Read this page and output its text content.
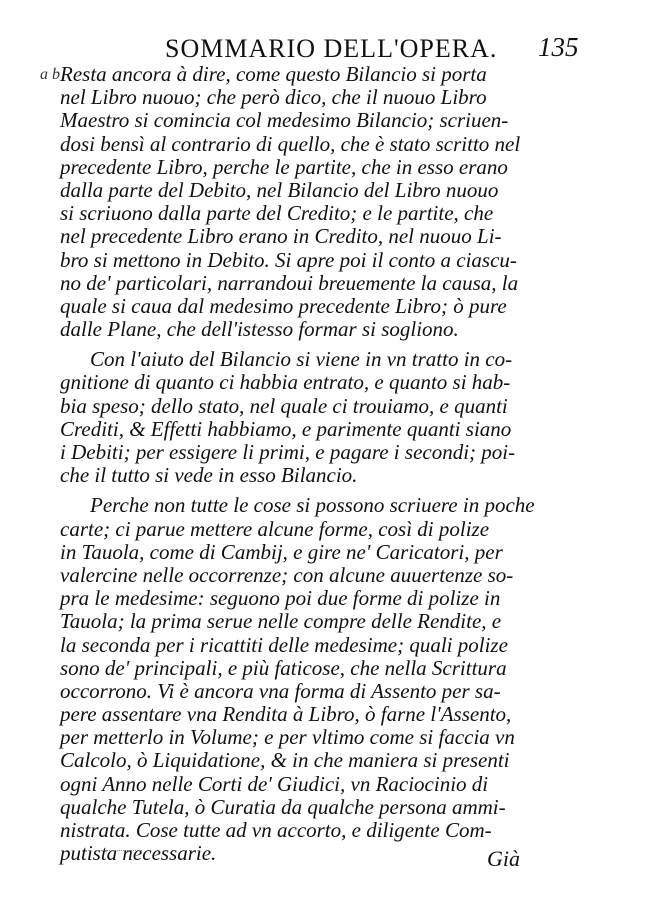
SOMMARIO DELL'OPERA. 135
a b Resta ancora à dire, come questo Bilancio si porta
nel Libro nuouo; che però dico, che il nuouo Libro
Maestro si comincia col medesimo Bilancio; scriuen-
dosi bensì al contrario di quello, che è stato scritto nel
precedente Libro, perche le partite, che in esso erano
dalla parte del Debito, nel Bilancio del Libro nuouo
si scriuono dalla parte del Credito; e le partite, che
nel precedente Libro erano in Credito, nel nuouo Li-
bro si mettono in Debito. Si apre poi il conto a ciascu-
no de' particolari, narrandoui breuemente la causa, la
quale si caua dal medesimo precedente Libro; ò pure
dalle Plane, che dell'istesso formar si sogliono.
Con l'aiuto del Bilancio si viene in vn tratto in co-
gnitione di quanto ci habbia entrato, e quanto si hab-
bia speso; dello stato, nel quale ci trouiamo, e quanti
Crediti, & Effetti habbiamo, e parimente quanti siano
i Debiti; per essigere li primi, e pagare i secondi; poi-
che il tutto si vede in esso Bilancio.
Perche non tutte le cose si possono scriuere in poche
carte; ci parue mettere alcune forme, così di polize
in Tauola, come di Cambij, e gire ne' Caricatori, per
valercine nelle occorrenze; con alcune auuertenze so-
pra le medesime: seguono poi due forme di polize in
Tauola; la prima serue nelle compre delle Rendite, e
la seconda per i ricattiti delle medesime; quali polize
sono de' principali, e più faticose, che nella Scrittura
occorrono. Vi è ancora vna forma di Assento per sa-
pere assentare vna Rendita à Libro, ò farne l'Assento,
per metterlo in Volume; e per vltimo come si faccia vn
Calcolo, ò Liquidatione, & in che maniera si presenti
ogni Anno nelle Corti de' Giudici, vn Raciocinio di
qualche Tutela, ò Curatia da qualche persona ammi-
nistrata. Cose tutte ad vn accorto, e diligente Com-
putista necessarie.	Già
